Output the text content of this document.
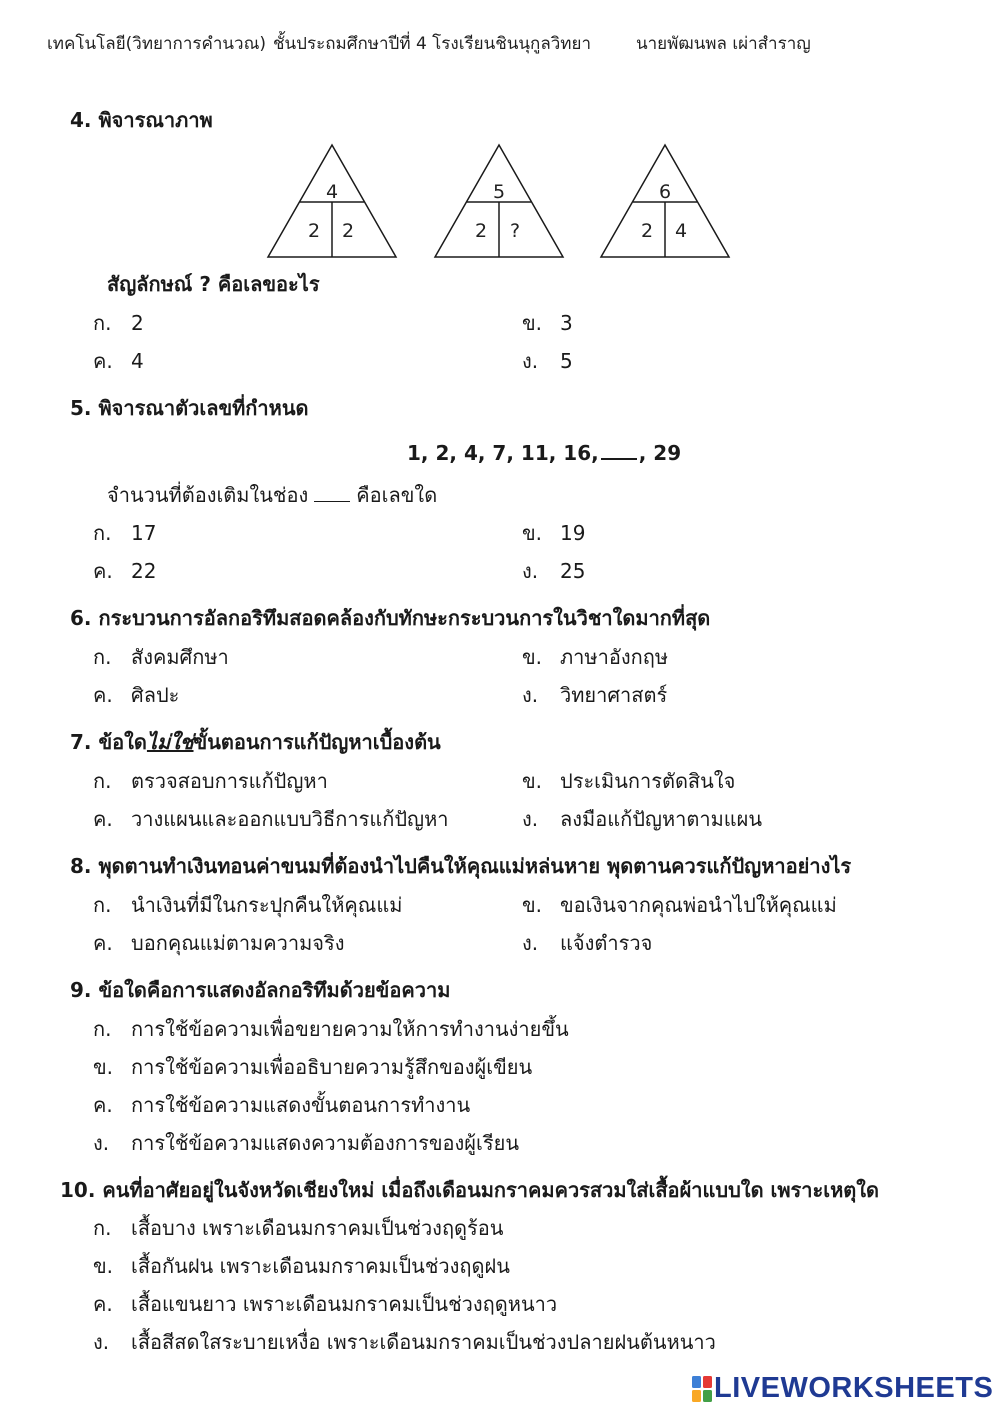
เทคโนโลยี(วิทยาการคำนวณ) ชั้นประถมศึกษาปีที่ 4 โรงเรียนชินนุกูลวิทยา	นายพัฒนพล เผ่าสำราญ
4. พิจารณาภาพ
4
2 2
5
2 ?
6
2 4
สัญลักษณ์ ? คือเลขอะไร
ก. 2	ข. 3
ค. 4	ง. 5
5. พิจารณาตัวเลขที่กำหนด
1, 2, 4, 7, 11, 16, , 29
จำนวนที่ต้องเติมในช่อง คือเลขใด
ก. 17	ข. 19
ค. 22	ง. 25
6. กระบวนการอัลกอริทึมสอดคล้องกับทักษะกระบวนการในวิชาใดมากที่สุด
ก. สังคมศึกษา	ข. ภาษาอังกฤษ
ค. ศิลปะ	ง. วิทยาศาสตร์
7. ข้อใดไม่ใช่ขั้นตอนการแก้ปัญหาเบื้องต้น
ก. ตรวจสอบการแก้ปัญหา	ข. ประเมินการตัดสินใจ
ค. วางแผนและออกแบบวิธีการแก้ปัญหา	ง. ลงมือแก้ปัญหาตามแผน
8. พุดตานทำเงินทอนค่าขนมที่ต้องนำไปคืนให้คุณแม่หล่นหาย พุดตานควรแก้ปัญหาอย่างไร
ก. นำเงินที่มีในกระปุกคืนให้คุณแม่	ข. ขอเงินจากคุณพ่อนำไปให้คุณแม่
ค. บอกคุณแม่ตามความจริง	ง. แจ้งตำรวจ
9. ข้อใดคือการแสดงอัลกอริทึมด้วยข้อความ
ก. การใช้ข้อความเพื่อขยายความให้การทำงานง่ายขึ้น
ข. การใช้ข้อความเพื่ออธิบายความรู้สึกของผู้เขียน
ค. การใช้ข้อความแสดงขั้นตอนการทำงาน
ง. การใช้ข้อความแสดงความต้องการของผู้เรียน
10. คนที่อาศัยอยู่ในจังหวัดเชียงใหม่ เมื่อถึงเดือนมกราคมควรสวมใส่เสื้อผ้าแบบใด เพราะเหตุใด
ก. เสื้อบาง เพราะเดือนมกราคมเป็นช่วงฤดูร้อน
ข. เสื้อกันฝน เพราะเดือนมกราคมเป็นช่วงฤดูฝน
ค. เสื้อแขนยาว เพราะเดือนมกราคมเป็นช่วงฤดูหนาว
ง. เสื้อสีสดใสระบายเหงื่อ เพราะเดือนมกราคมเป็นช่วงปลายฝนต้นหนาว
LIVEWORKSHEETS
